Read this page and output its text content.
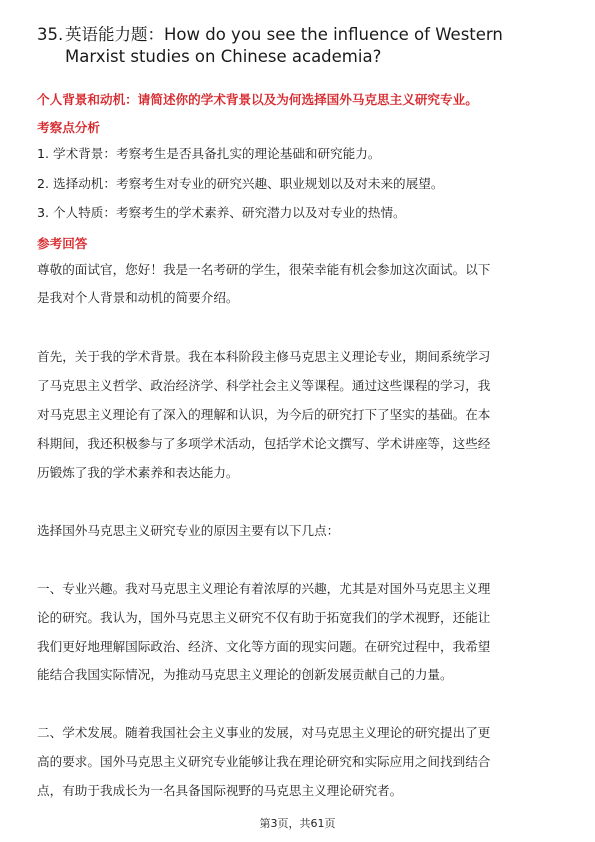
35. 英语能力题：How do you see the influence of Western Marxist studies on Chinese academia?
个人背景和动机：请简述你的学术背景以及为何选择国外马克思主义研究专业。
考察点分析
1. 学术背景：考察考生是否具备扎实的理论基础和研究能力。
2. 选择动机：考察考生对专业的研究兴趣、职业规划以及对未来的展望。
3. 个人特质：考察考生的学术素养、研究潜力以及对专业的热情。
参考回答
尊敬的面试官，您好！我是一名考研的学生，很荣幸能有机会参加这次面试。以下
是我对个人背景和动机的简要介绍。
首先，关于我的学术背景。我在本科阶段主修马克思主义理论专业，期间系统学习
了马克思主义哲学、政治经济学、科学社会主义等课程。通过这些课程的学习，我
对马克思主义理论有了深入的理解和认识，为今后的研究打下了坚实的基础。在本
科期间，我还积极参与了多项学术活动，包括学术论文撰写、学术讲座等，这些经
历锻炼了我的学术素养和表达能力。
选择国外马克思主义研究专业的原因主要有以下几点：
一、专业兴趣。我对马克思主义理论有着浓厚的兴趣，尤其是对国外马克思主义理
论的研究。我认为，国外马克思主义研究不仅有助于拓宽我们的学术视野，还能让
我们更好地理解国际政治、经济、文化等方面的现实问题。在研究过程中，我希望
能结合我国实际情况，为推动马克思主义理论的创新发展贡献自己的力量。
二、学术发展。随着我国社会主义事业的发展，对马克思主义理论的研究提出了更
高的要求。国外马克思主义研究专业能够让我在理论研究和实际应用之间找到结合
点，有助于我成长为一名具备国际视野的马克思主义理论研究者。
第3页，共61页
